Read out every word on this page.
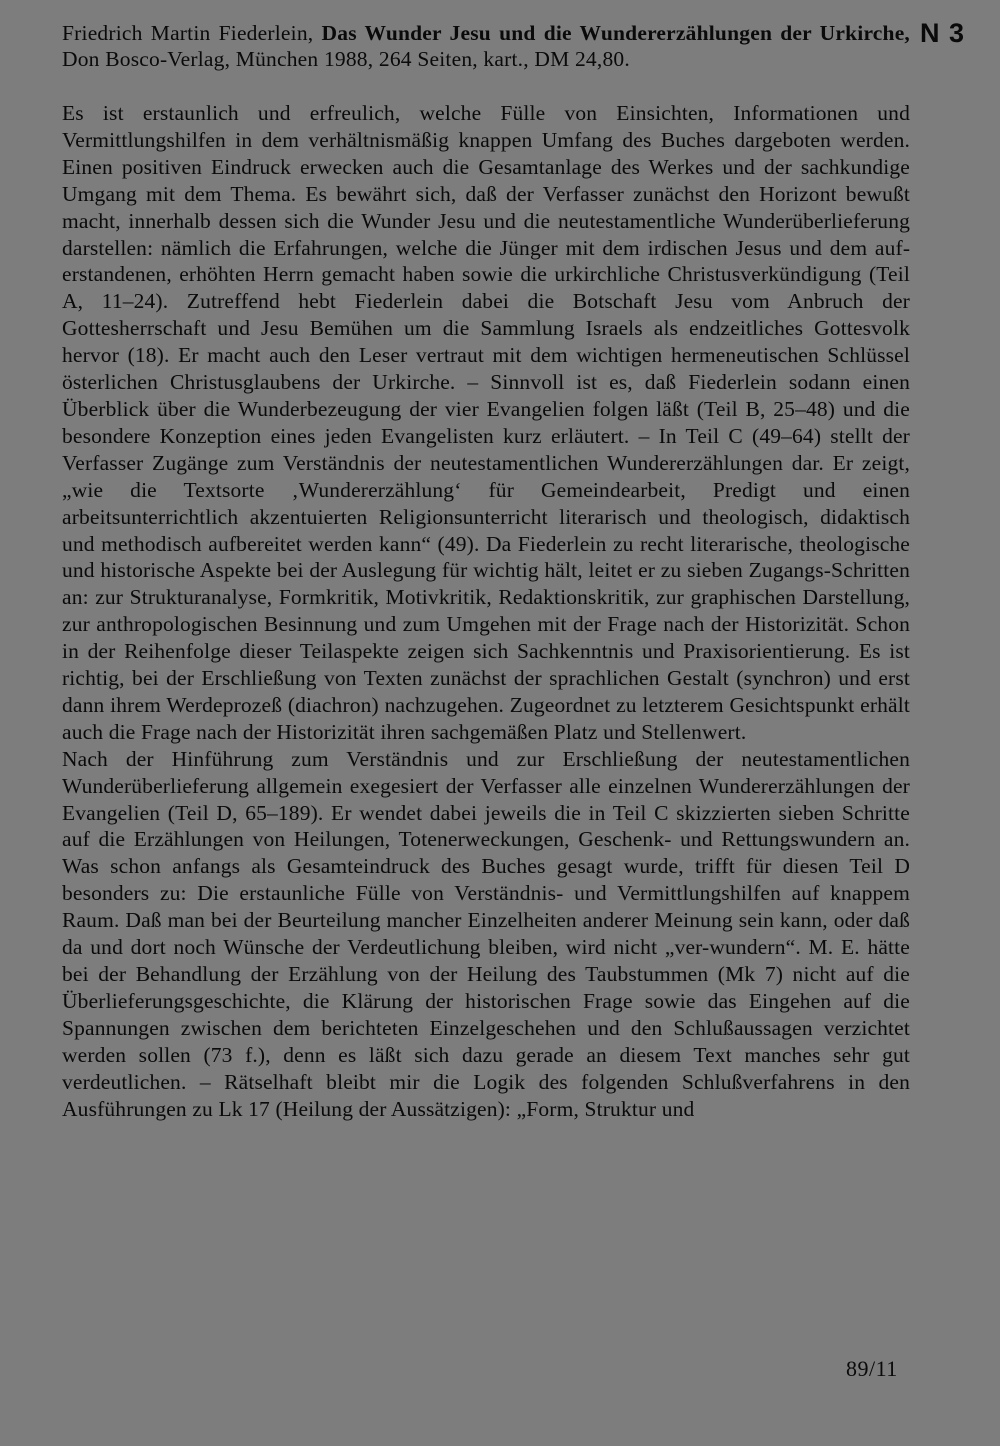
N 3
Friedrich Martin Fiederlein, Das Wunder Jesu und die Wundererzählungen der Urkirche, Don Bosco-Verlag, München 1988, 264 Seiten, kart., DM 24,80.

Es ist erstaunlich und erfreulich, welche Fülle von Einsichten, Informationen und Vermittlungshilfen in dem verhältnismäßig knappen Umfang des Buches dargeboten werden. Einen positiven Eindruck erwecken auch die Gesamtanlage des Werkes und der sachkundige Umgang mit dem Thema. Es bewährt sich, daß der Verfasser zunächst den Horizont bewußt macht, innerhalb dessen sich die Wunder Jesu und die neutestamentliche Wunderüberlieferung darstellen: nämlich die Erfahrungen, welche die Jünger mit dem irdischen Jesus und dem auferstandenen, erhöhten Herrn gemacht haben sowie die urkirchliche Christusverkündigung (Teil A, 11–24). Zutreffend hebt Fiederlein dabei die Botschaft Jesu vom Anbruch der Gottesherrschaft und Jesu Bemühen um die Sammlung Israels als endzeitliches Gottesvolk hervor (18). Er macht auch den Leser vertraut mit dem wichtigen hermeneutischen Schlüssel österlichen Christusglaubens der Urkirche. – Sinnvoll ist es, daß Fiederlein sodann einen Überblick über die Wunderbezeugung der vier Evangelien folgen läßt (Teil B, 25–48) und die besondere Konzeption eines jeden Evangelisten kurz erläutert. – In Teil C (49–64) stellt der Verfasser Zugänge zum Verständnis der neutestamentlichen Wundererzählungen dar. Er zeigt, „wie die Textsorte ‚Wundererzählung‘ für Gemeindearbeit, Predigt und einen arbeitsunterrichtlich akzentuierten Religionsunterricht literarisch und theologisch, didaktisch und methodisch aufbereitet werden kann“ (49). Da Fiederlein zu recht literarische, theologische und historische Aspekte bei der Auslegung für wichtig hält, leitet er zu sieben Zugangs-Schritten an: zur Strukturanalyse, Formkritik, Motivkritik, Redaktionskritik, zur graphischen Darstellung, zur anthropologischen Besinnung und zum Umgehen mit der Frage nach der Historizität. Schon in der Reihenfolge dieser Teilaspekte zeigen sich Sachkenntnis und Praxisorientierung. Es ist richtig, bei der Erschließung von Texten zunächst der sprachlichen Gestalt (synchron) und erst dann ihrem Werdeprozeß (diachron) nachzugehen. Zugeordnet zu letzterem Gesichtspunkt erhält auch die Frage nach der Historizität ihren sachgemäßen Platz und Stellenwert.

Nach der Hinführung zum Verständnis und zur Erschließung der neutestamentlichen Wunderüberlieferung allgemein exegesiert der Verfasser alle einzelnen Wundererzählungen der Evangelien (Teil D, 65–189). Er wendet dabei jeweils die in Teil C skizzierten sieben Schritte auf die Erzählungen von Heilungen, Totenerweckungen, Geschenk- und Rettungswundern an. Was schon anfangs als Gesamteindruck des Buches gesagt wurde, trifft für diesen Teil D besonders zu: Die erstaunliche Fülle von Verständnis- und Vermittlungshilfen auf knappem Raum. Daß man bei der Beurteilung mancher Einzelheiten anderer Meinung sein kann, oder daß da und dort noch Wünsche der Verdeutlichung bleiben, wird nicht „ver-wundern“. M. E. hätte bei der Behandlung der Erzählung von der Heilung des Taubstummen (Mk 7) nicht auf die Überlieferungsgeschichte, die Klärung der historischen Frage sowie das Eingehen auf die Spannungen zwischen dem berichteten Einzelgeschehen und den Schlußaussagen verzichtet werden sollen (73 f.), denn es läßt sich dazu gerade an diesem Text manches sehr gut verdeutlichen. – Rätselhaft bleibt mir die Logik des folgenden Schlußverfahrens in den Ausführungen zu Lk 17 (Heilung der Aussätzigen): „Form, Struktur und

89/11
